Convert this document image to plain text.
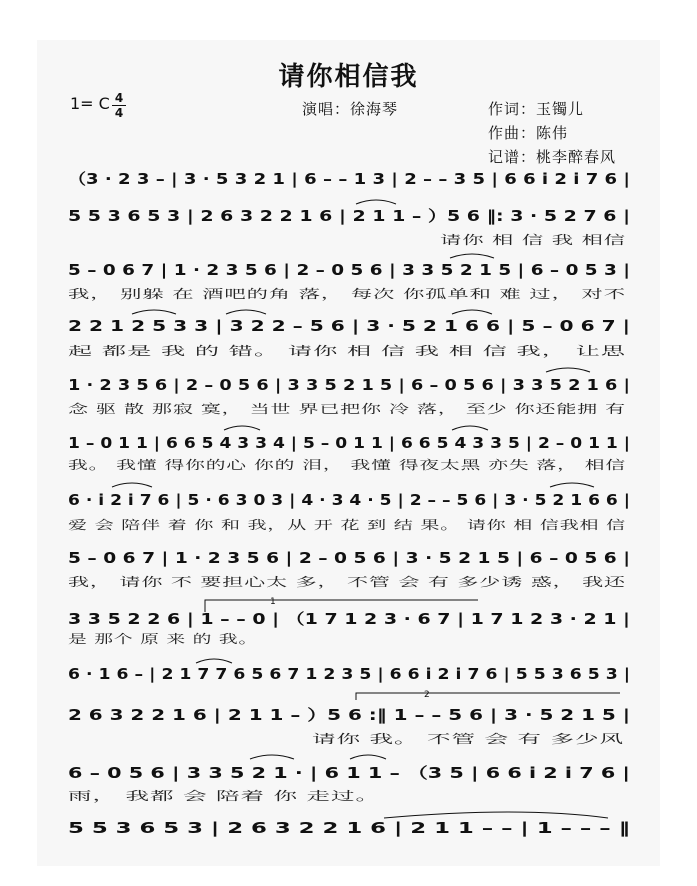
请你相信我
1= C 4
4	演唱：徐海琴	作词：玉镯儿
作曲：陈伟
记谱：桃李醉春风
（3 · 2 3 – | 3 · 5 3 2 1 | 6 – – 1 3 | 2 – – 3 5 | 6 6 i 2 i 7 6 |
5 5 3 6 5 3 | 2 6 3 2 2 1 6 | 2 1 1 – ）5 6 ‖: 3 · 5 2 7 6 |
5 – 0 6 7 | 1 · 2 3 5 6 | 2 – 0 5 6 | 3 3 5 2 1 5 | 6 – 0 5 3 |
2 2 1 2 5 3 3 | 3 2 2 – 5 6 | 3 · 5 2 1 6 6 | 5 – 0 6 7 |
1 · 2 3 5 6 | 2 – 0 5 6 | 3 3 5 2 1 5 | 6 – 0 5 6 | 3 3 5 2 1 6 |
1 – 0 1 1 | 6 6 5 4 3 3 4 | 5 – 0 1 1 | 6 6 5 4 3 3 5 | 2 – 0 1 1 |
6 · i 2 i 7 6 | 5 · 6 3 0 3 | 4 · 3 4 · 5 | 2 – – 5 6 | 3 · 5 2 1 6 6 |
5 – 0 6 7 | 1 · 2 3 5 6 | 2 – 0 5 6 | 3 · 5 2 1 5 | 6 – 0 5 6 |
3 3 5 2 2 6 | 1 – – 0 | （1 7 1 2 3 · 6 7 | 1 7 1 2 3 · 2 1 |
6 · 1 6 – | 2 1 7 7 6 5 6 7 1 2 3 5 | 6 6 i 2 i 7 6 | 5 5 3 6 5 3 |
2 6 3 2 2 1 6 | 2 1 1 – ）5 6 :‖ 1 – – 5 6 | 3 · 5 2 1 5 |
6 – 0 5 6 | 3 3 5 2 1 · | 6 1 1 – （3 5 | 6 6 i 2 i 7 6 |
5 5 3 6 5 3 | 2 6 3 2 2 1 6 | 2 1 1 – – | 1 – – – ‖
请你 相 信 我 相信
我， 别躲 在 酒吧的角 落， 每次 你孤单和 难 过， 对不
起 都是 我 的 错。 请你 相 信 我 相 信 我， 让思
念 驱 散 那寂 寞， 当世 界已把你 冷 落， 至少 你还能拥 有
我。 我懂 得你的心 你的 泪， 我懂 得夜太黑 亦失 落， 相信
爱 会 陪伴 着 你 和 我，从 开 花 到 结 果。 请你 相 信我相 信
我， 请你 不 要担心太 多， 不管 会 有 多少诱 惑， 我还
是 那个 原 来 的 我。
请你 我。 不管 会 有 多少风
雨， 我都 会 陪着 你 走过。
1
2
